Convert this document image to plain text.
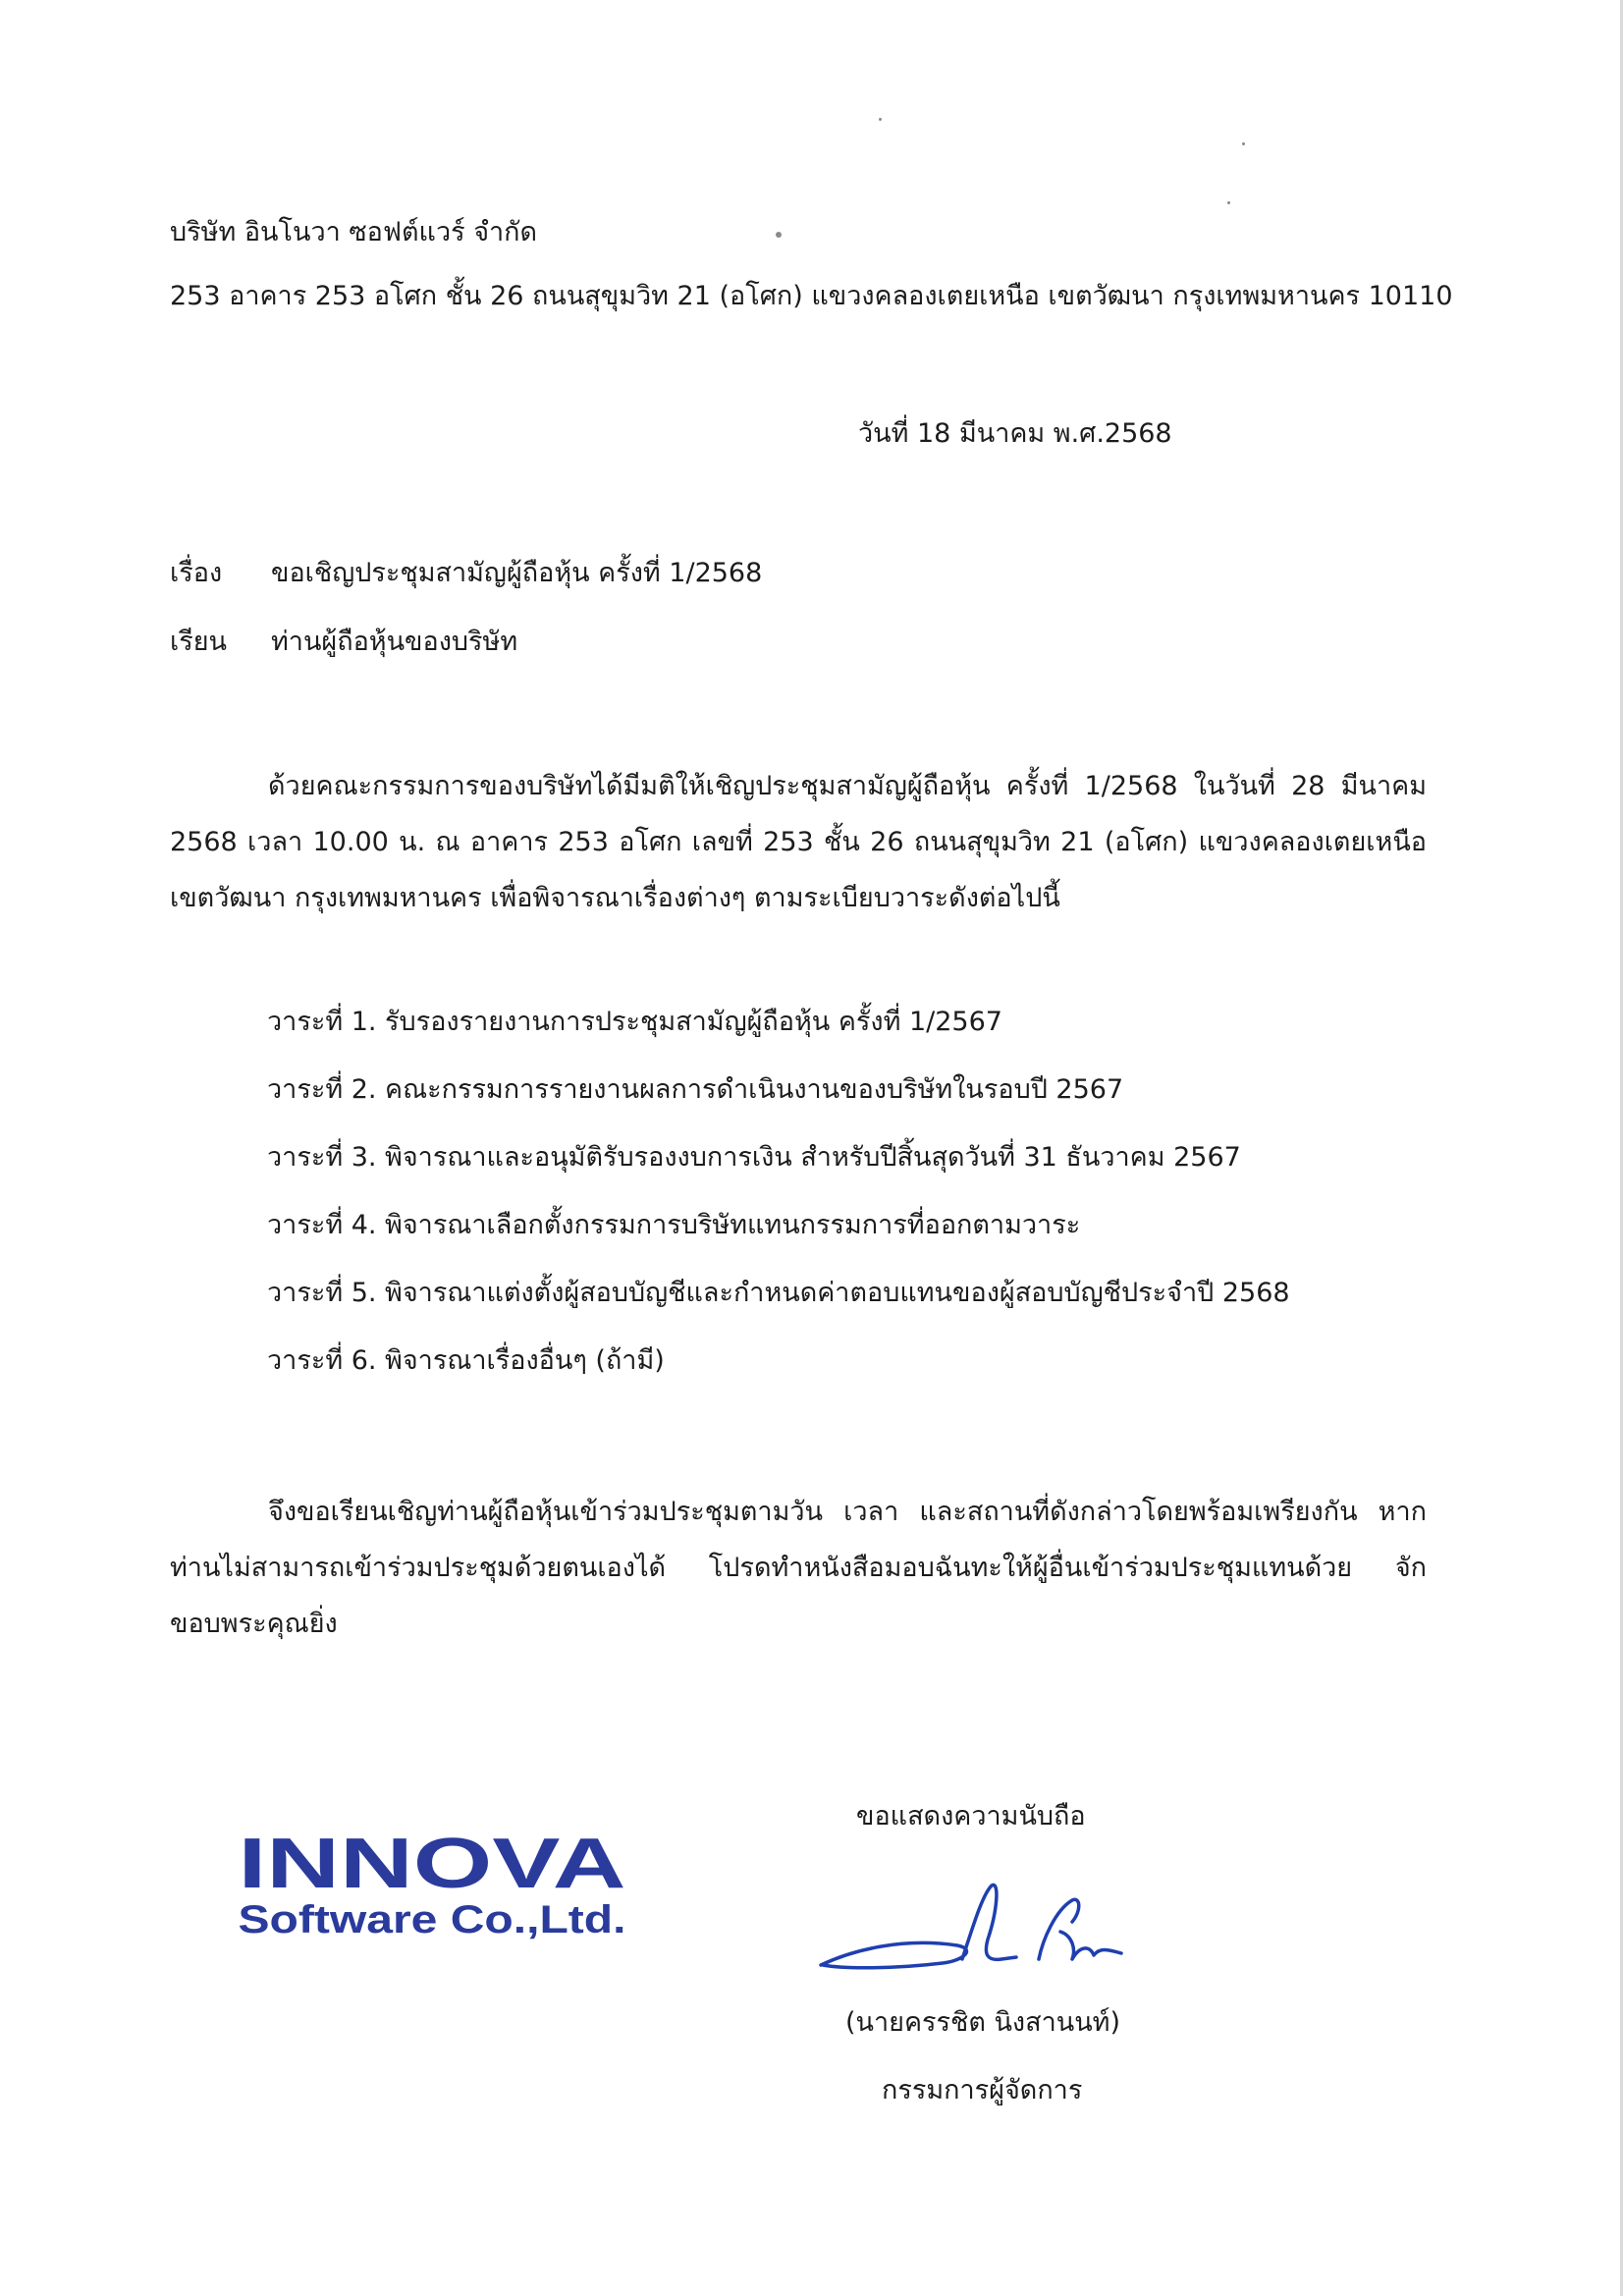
บริษัท อินโนวา ซอฟต์แวร์ จำกัด
253 อาคาร 253 อโศก ชั้น 26 ถนนสุขุมวิท 21 (อโศก) แขวงคลองเตยเหนือ เขตวัฒนา กรุงเทพมหานคร 10110
วันที่ 18 มีนาคม พ.ศ.2568
เรื่อง ขอเชิญประชุมสามัญผู้ถือหุ้น ครั้งที่ 1/2568
เรียน ท่านผู้ถือหุ้นของบริษัท
ด้วยคณะกรรมการของบริษัทได้มีมติให้เชิญประชุมสามัญผู้ถือหุ้น ครั้งที่ 1/2568 ในวันที่ 28 มีนาคม 2568 เวลา 10.00 น. ณ อาคาร 253 อโศก เลขที่ 253 ชั้น 26 ถนนสุขุมวิท 21 (อโศก) แขวงคลองเตยเหนือ เขตวัฒนา กรุงเทพมหานคร เพื่อพิจารณาเรื่องต่างๆ ตามระเบียบวาระดังต่อไปนี้
วาระที่ 1. รับรองรายงานการประชุมสามัญผู้ถือหุ้น ครั้งที่ 1/2567
วาระที่ 2. คณะกรรมการรายงานผลการดำเนินงานของบริษัทในรอบปี 2567
วาระที่ 3. พิจารณาและอนุมัติรับรองงบการเงิน สำหรับปีสิ้นสุดวันที่ 31 ธันวาคม 2567
วาระที่ 4. พิจารณาเลือกตั้งกรรมการบริษัทแทนกรรมการที่ออกตามวาระ
วาระที่ 5. พิจารณาแต่งตั้งผู้สอบบัญชีและกำหนดค่าตอบแทนของผู้สอบบัญชีประจำปี 2568
วาระที่ 6. พิจารณาเรื่องอื่นๆ (ถ้ามี)
จึงขอเรียนเชิญท่านผู้ถือหุ้นเข้าร่วมประชุมตามวัน เวลา และสถานที่ดังกล่าวโดยพร้อมเพรียงกัน หากท่านไม่สามารถเข้าร่วมประชุมด้วยตนเองได้ โปรดทำหนังสือมอบฉันทะให้ผู้อื่นเข้าร่วมประชุมแทนด้วย จักขอบพระคุณยิ่ง
INNOVA
Software Co.,Ltd.
ขอแสดงความนับถือ
(นายครรชิต นิงสานนท์)
กรรมการผู้จัดการ
